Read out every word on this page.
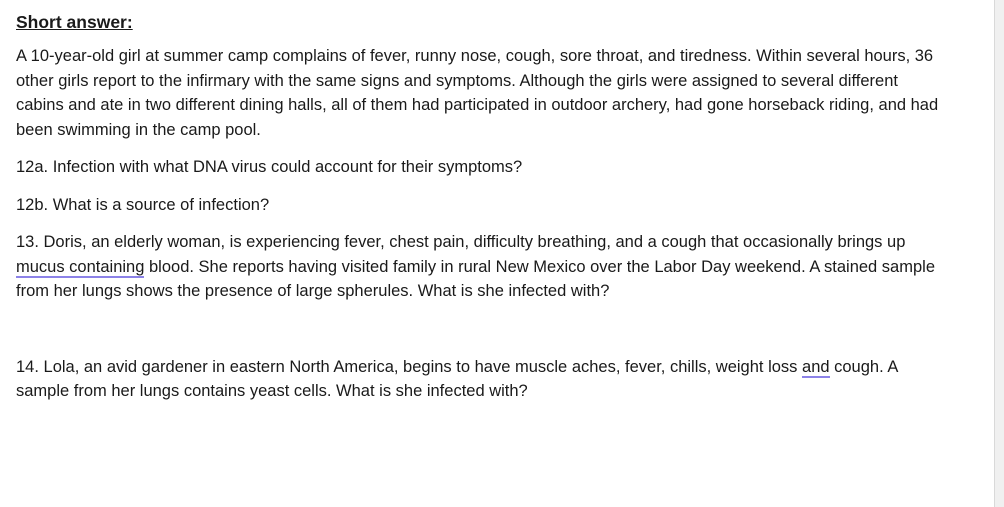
Short answer:

A 10-year-old girl at summer camp complains of fever, runny nose, cough, sore throat, and tiredness. Within several hours, 36 other girls report to the infirmary with the same signs and symptoms. Although the girls were assigned to several different cabins and ate in two different dining halls, all of them had participated in outdoor archery, had gone horseback riding, and had been swimming in the camp pool.

12a. Infection with what DNA virus could account for their symptoms?

12b. What is a source of infection?

13. Doris, an elderly woman, is experiencing fever, chest pain, difficulty breathing, and a cough that occasionally brings up mucus containing blood. She reports having visited family in rural New Mexico over the Labor Day weekend. A stained sample from her lungs shows the presence of large spherules. What is she infected with?

14. Lola, an avid gardener in eastern North America, begins to have muscle aches, fever, chills, weight loss and cough. A sample from her lungs contains yeast cells. What is she infected with?
